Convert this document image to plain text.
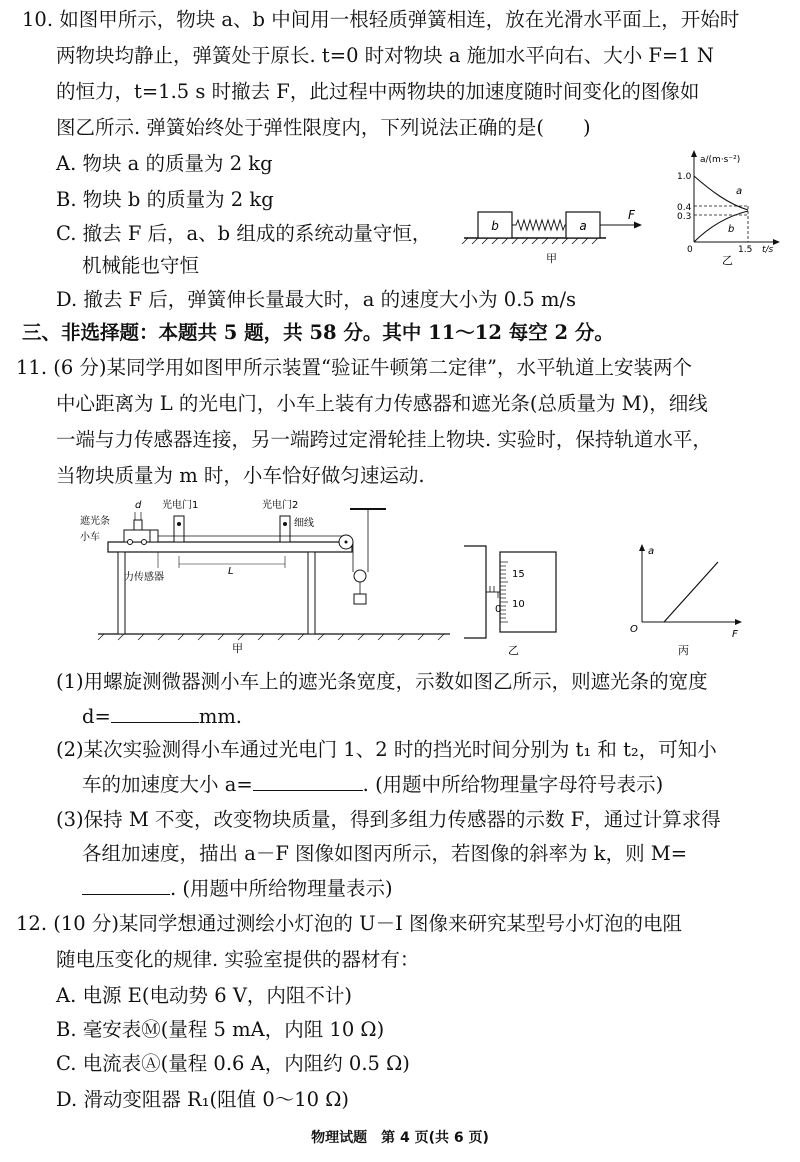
10. 如图甲所示，物块 a、b 中间用一根轻质弹簧相连，放在光滑水平面上，开始时
两物块均静止，弹簧处于原长. t=0 时对物块 a 施加水平向右、大小 F=1 N
的恒力，t=1.5 s 时撤去 F，此过程中两物块的加速度随时间变化的图像如
图乙所示. 弹簧始终处于弹性限度内，下列说法正确的是(　　)
A. 物块 a 的质量为 2 kg
B. 物块 b 的质量为 2 kg
C. 撤去 F 后，a、b 组成的系统动量守恒，
机械能也守恒
D. 撤去 F 后，弹簧伸长量最大时，a 的速度大小为 0.5 m/s
b	a
F
甲
a/(m·s⁻²)
t/s
1.0
0.4
0.3
0	1.5
a
b
乙
三、非选择题：本题共 5 题，共 58 分。其中 11～12 每空 2 分。
11. (6 分)某同学用如图甲所示装置“验证牛顿第二定律”，水平轨道上安装两个
中心距离为 L 的光电门，小车上装有力传感器和遮光条(总质量为 M)，细线
一端与力传感器连接，另一端跨过定滑轮挂上物块. 实验时，保持轨道水平，
当物块质量为 m 时，小车恰好做匀速运动.
d 光电门1	光电门2
遮光条
小车
细线
力传感器
L
甲
0
15
10
乙
a
F
O
丙
(1)用螺旋测微器测小车上的遮光条宽度，示数如图乙所示，则遮光条的宽度
d=	mm.
(2)某次实验测得小车通过光电门 1、2 时的挡光时间分别为 t₁ 和 t₂，可知小
车的加速度大小 a=	. (用题中所给物理量字母符号表示)
(3)保持 M 不变，改变物块质量，得到多组力传感器的示数 F，通过计算求得
各组加速度，描出 a－F 图像如图丙所示，若图像的斜率为 k，则 M=
. (用题中所给物理量表示)
12. (10 分)某同学想通过测绘小灯泡的 U－I 图像来研究某型号小灯泡的电阻
随电压变化的规律. 实验室提供的器材有：
A. 电源 E(电动势 6 V，内阻不计)
B. 毫安表Ⓜ(量程 5 mA，内阻 10 Ω)
C. 电流表Ⓐ(量程 0.6 A，内阻约 0.5 Ω)
D. 滑动变阻器 R₁(阻值 0～10 Ω)
物理试题　第 4 页(共 6 页)
